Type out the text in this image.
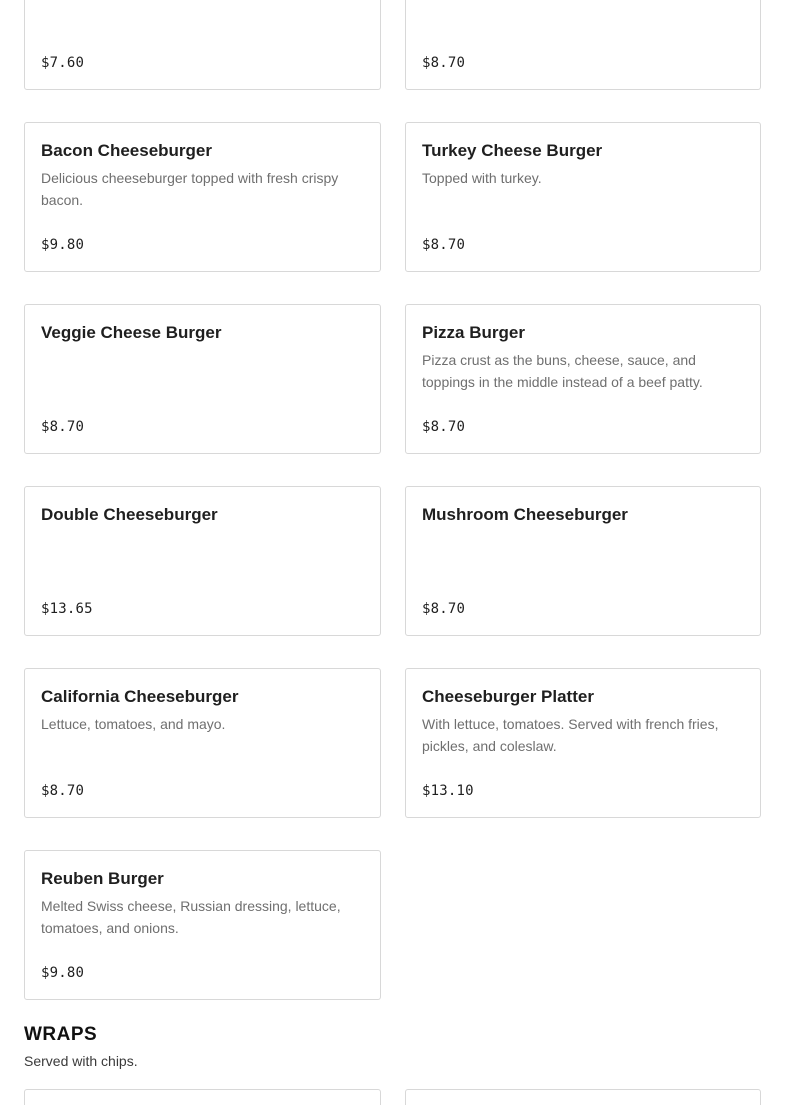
$7.60	$8.70
Bacon Cheeseburger
Delicious cheeseburger topped with fresh crispy bacon.
$9.80
Turkey Cheese Burger
Topped with turkey.
$8.70
Veggie Cheese Burger
$8.70
Pizza Burger
Pizza crust as the buns, cheese, sauce, and toppings in the middle instead of a beef patty.
$8.70
Double Cheeseburger
$13.65
Mushroom Cheeseburger
$8.70
California Cheeseburger
Lettuce, tomatoes, and mayo.
$8.70
Cheeseburger Platter
With lettuce, tomatoes. Served with french fries, pickles, and coleslaw.
$13.10
Reuben Burger
Melted Swiss cheese, Russian dressing, lettuce, tomatoes, and onions.
$9.80
WRAPS
Served with chips.
